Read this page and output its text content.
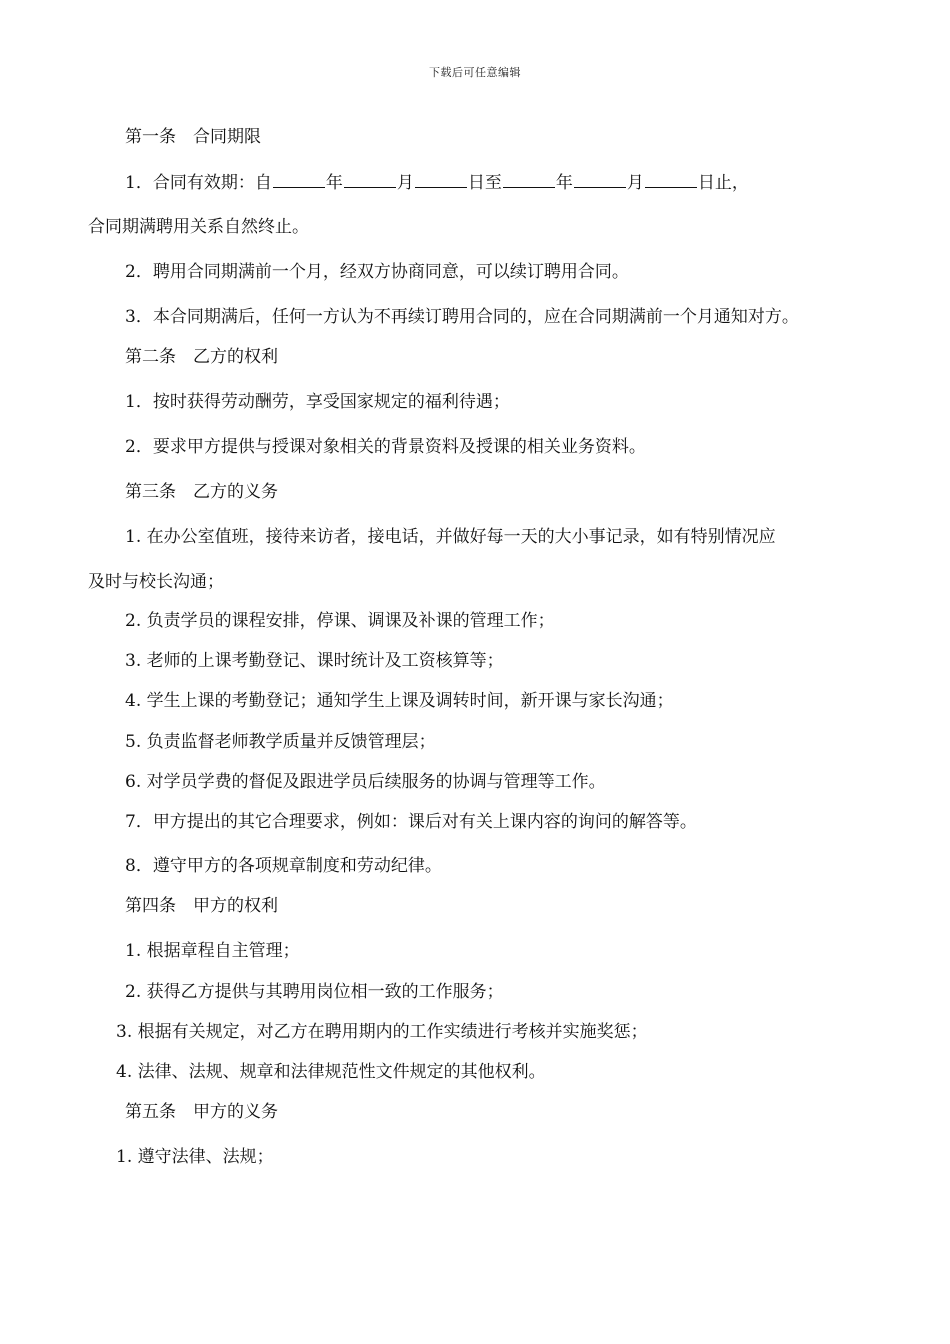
下载后可任意编辑
第一条　合同期限
1．合同有效期：自	年	月	日至	年	月	日止，
合同期满聘用关系自然终止。
2．聘用合同期满前一个月，经双方协商同意，可以续订聘用合同。
3．本合同期满后，任何一方认为不再续订聘用合同的，应在合同期满前一个月通知对方。
第二条　乙方的权利
1．按时获得劳动酬劳，享受国家规定的福利待遇；
2．要求甲方提供与授课对象相关的背景资料及授课的相关业务资料。
第三条　乙方的义务
1. 在办公室值班，接待来访者，接电话，并做好每一天的大小事记录，如有特别情况应
及时与校长沟通；
2. 负责学员的课程安排，停课、调课及补课的管理工作；
3. 老师的上课考勤登记、课时统计及工资核算等；
4. 学生上课的考勤登记；通知学生上课及调转时间，新开课与家长沟通；
5. 负责监督老师教学质量并反馈管理层；
6. 对学员学费的督促及跟进学员后续服务的协调与管理等工作。
7．甲方提出的其它合理要求，例如：课后对有关上课内容的询问的解答等。
8．遵守甲方的各项规章制度和劳动纪律。
第四条　甲方的权利
1. 根据章程自主管理；
2. 获得乙方提供与其聘用岗位相一致的工作服务；
3. 根据有关规定，对乙方在聘用期内的工作实绩进行考核并实施奖惩；
4. 法律、法规、规章和法律规范性文件规定的其他权利。
第五条　甲方的义务
1. 遵守法律、法规；
